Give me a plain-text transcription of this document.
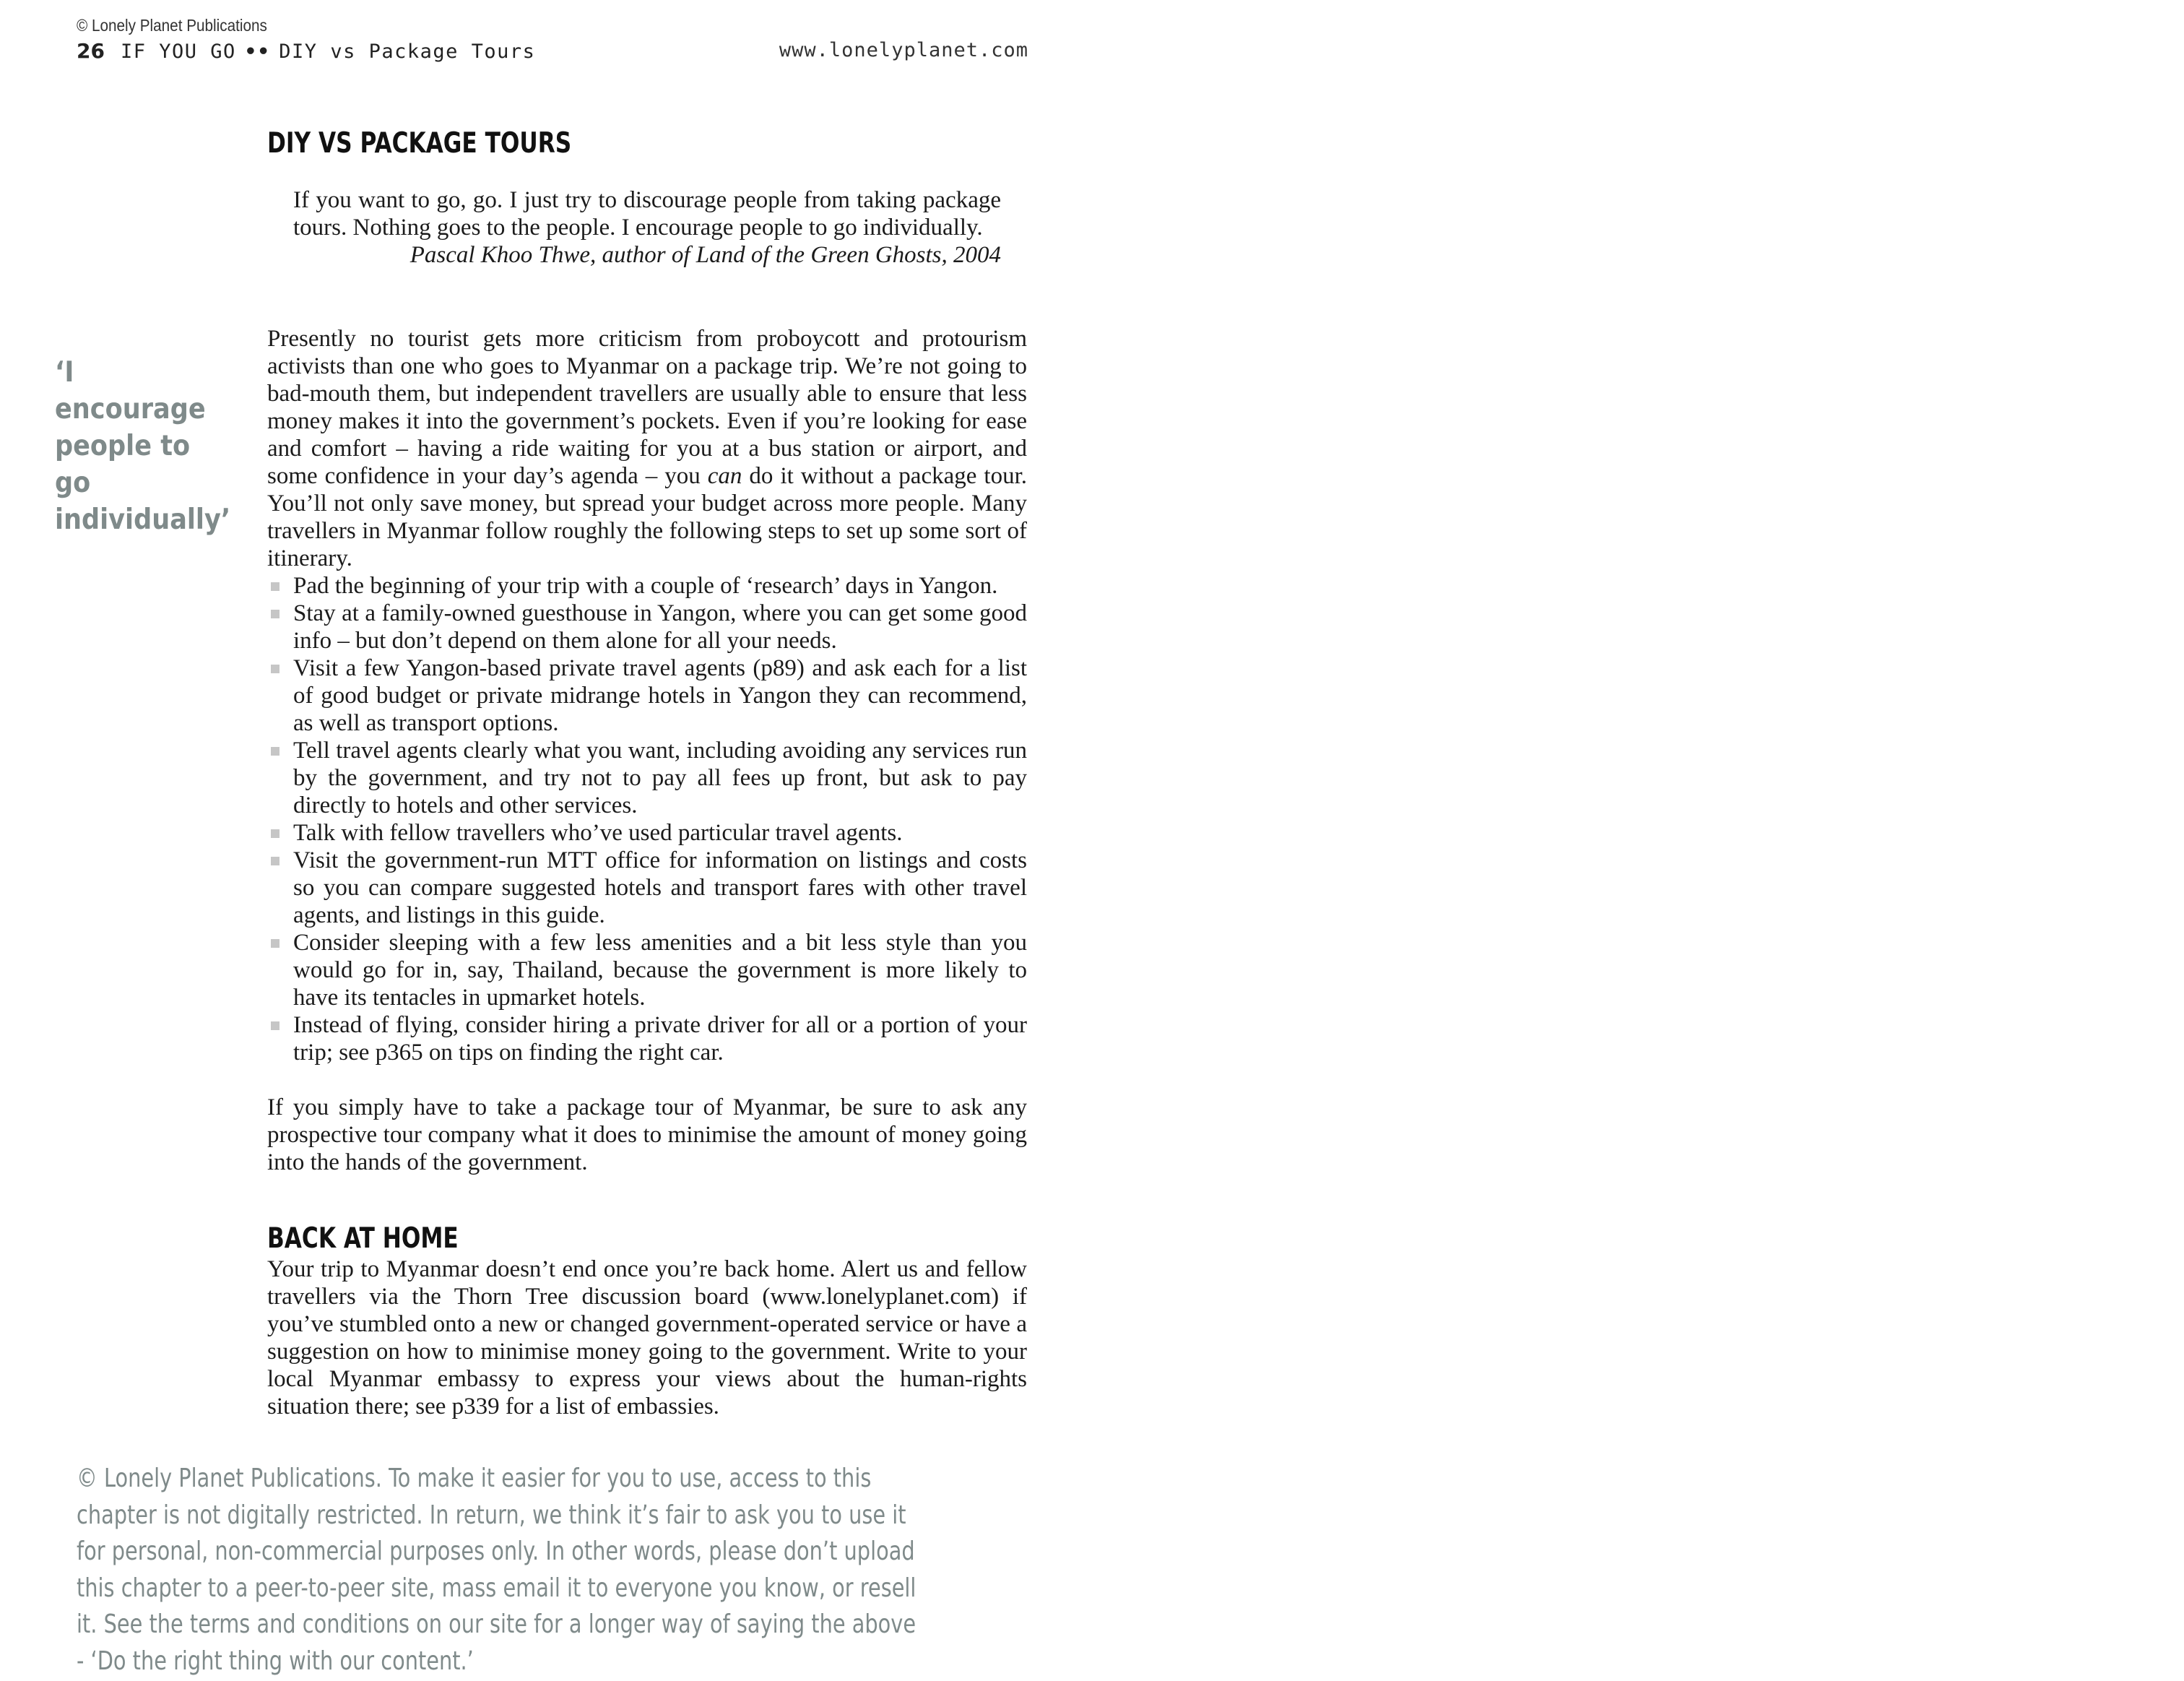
© Lonely Planet Publications
26 IF YOU GO •• DIY vs Package Tours	www.lonelyplanet.com
DIY VS PACKAGE TOURS
If you want to go, go. I just try to discourage people from taking package tours. Nothing goes to the people. I encourage people to go individually.
Pascal Khoo Thwe, author of Land of the Green Ghosts, 2004

‘I encourage people to go individually’

Presently no tourist gets more criticism from proboycott and protourism activists than one who goes to Myanmar on a package trip. We’re not going to bad-mouth them, but independent travellers are usually able to ensure that less money makes it into the government’s pockets. Even if you’re looking for ease and comfort – having a ride waiting for you at a bus station or airport, and some confidence in your day’s agenda – you can do it without a package tour. You’ll not only save money, but spread your budget across more people. Many travellers in Myanmar follow roughly the following steps to set up some sort of itinerary.

Pad the beginning of your trip with a couple of ‘research’ days in Yangon.
Stay at a family-owned guesthouse in Yangon, where you can get some good info – but don’t depend on them alone for all your needs.
Visit a few Yangon-based private travel agents (p89) and ask each for a list of good budget or private midrange hotels in Yangon they can recommend, as well as transport options.
Tell travel agents clearly what you want, including avoiding any services run by the government, and try not to pay all fees up front, but ask to pay directly to hotels and other services.
Talk with fellow travellers who’ve used particular travel agents.
Visit the government-run MTT office for information on listings and costs so you can compare suggested hotels and transport fares with other travel agents, and listings in this guide.
Consider sleeping with a few less amenities and a bit less style than you would go for in, say, Thailand, because the government is more likely to have its tentacles in upmarket hotels.
Instead of flying, consider hiring a private driver for all or a portion of your trip; see p365 on tips on finding the right car.

If you simply have to take a package tour of Myanmar, be sure to ask any prospective tour company what it does to minimise the amount of money going into the hands of the government.

BACK AT HOME

Your trip to Myanmar doesn’t end once you’re back home. Alert us and fellow travellers via the Thorn Tree discussion board (www.lonelyplanet.com) if you’ve stumbled onto a new or changed government-operated service or have a suggestion on how to minimise money going to the government. Write to your local Myanmar embassy to express your views about the human-rights situation there; see p339 for a list of embassies.

© Lonely Planet Publications. To make it easier for you to use, access to this chapter is not digitally restricted. In return, we think it’s fair to ask you to use it for personal, non-commercial purposes only. In other words, please don’t upload this chapter to a peer-to-peer site, mass email it to everyone you know, or resell it. See the terms and conditions on our site for a longer way of saying the above - ‘Do the right thing with our content.’
